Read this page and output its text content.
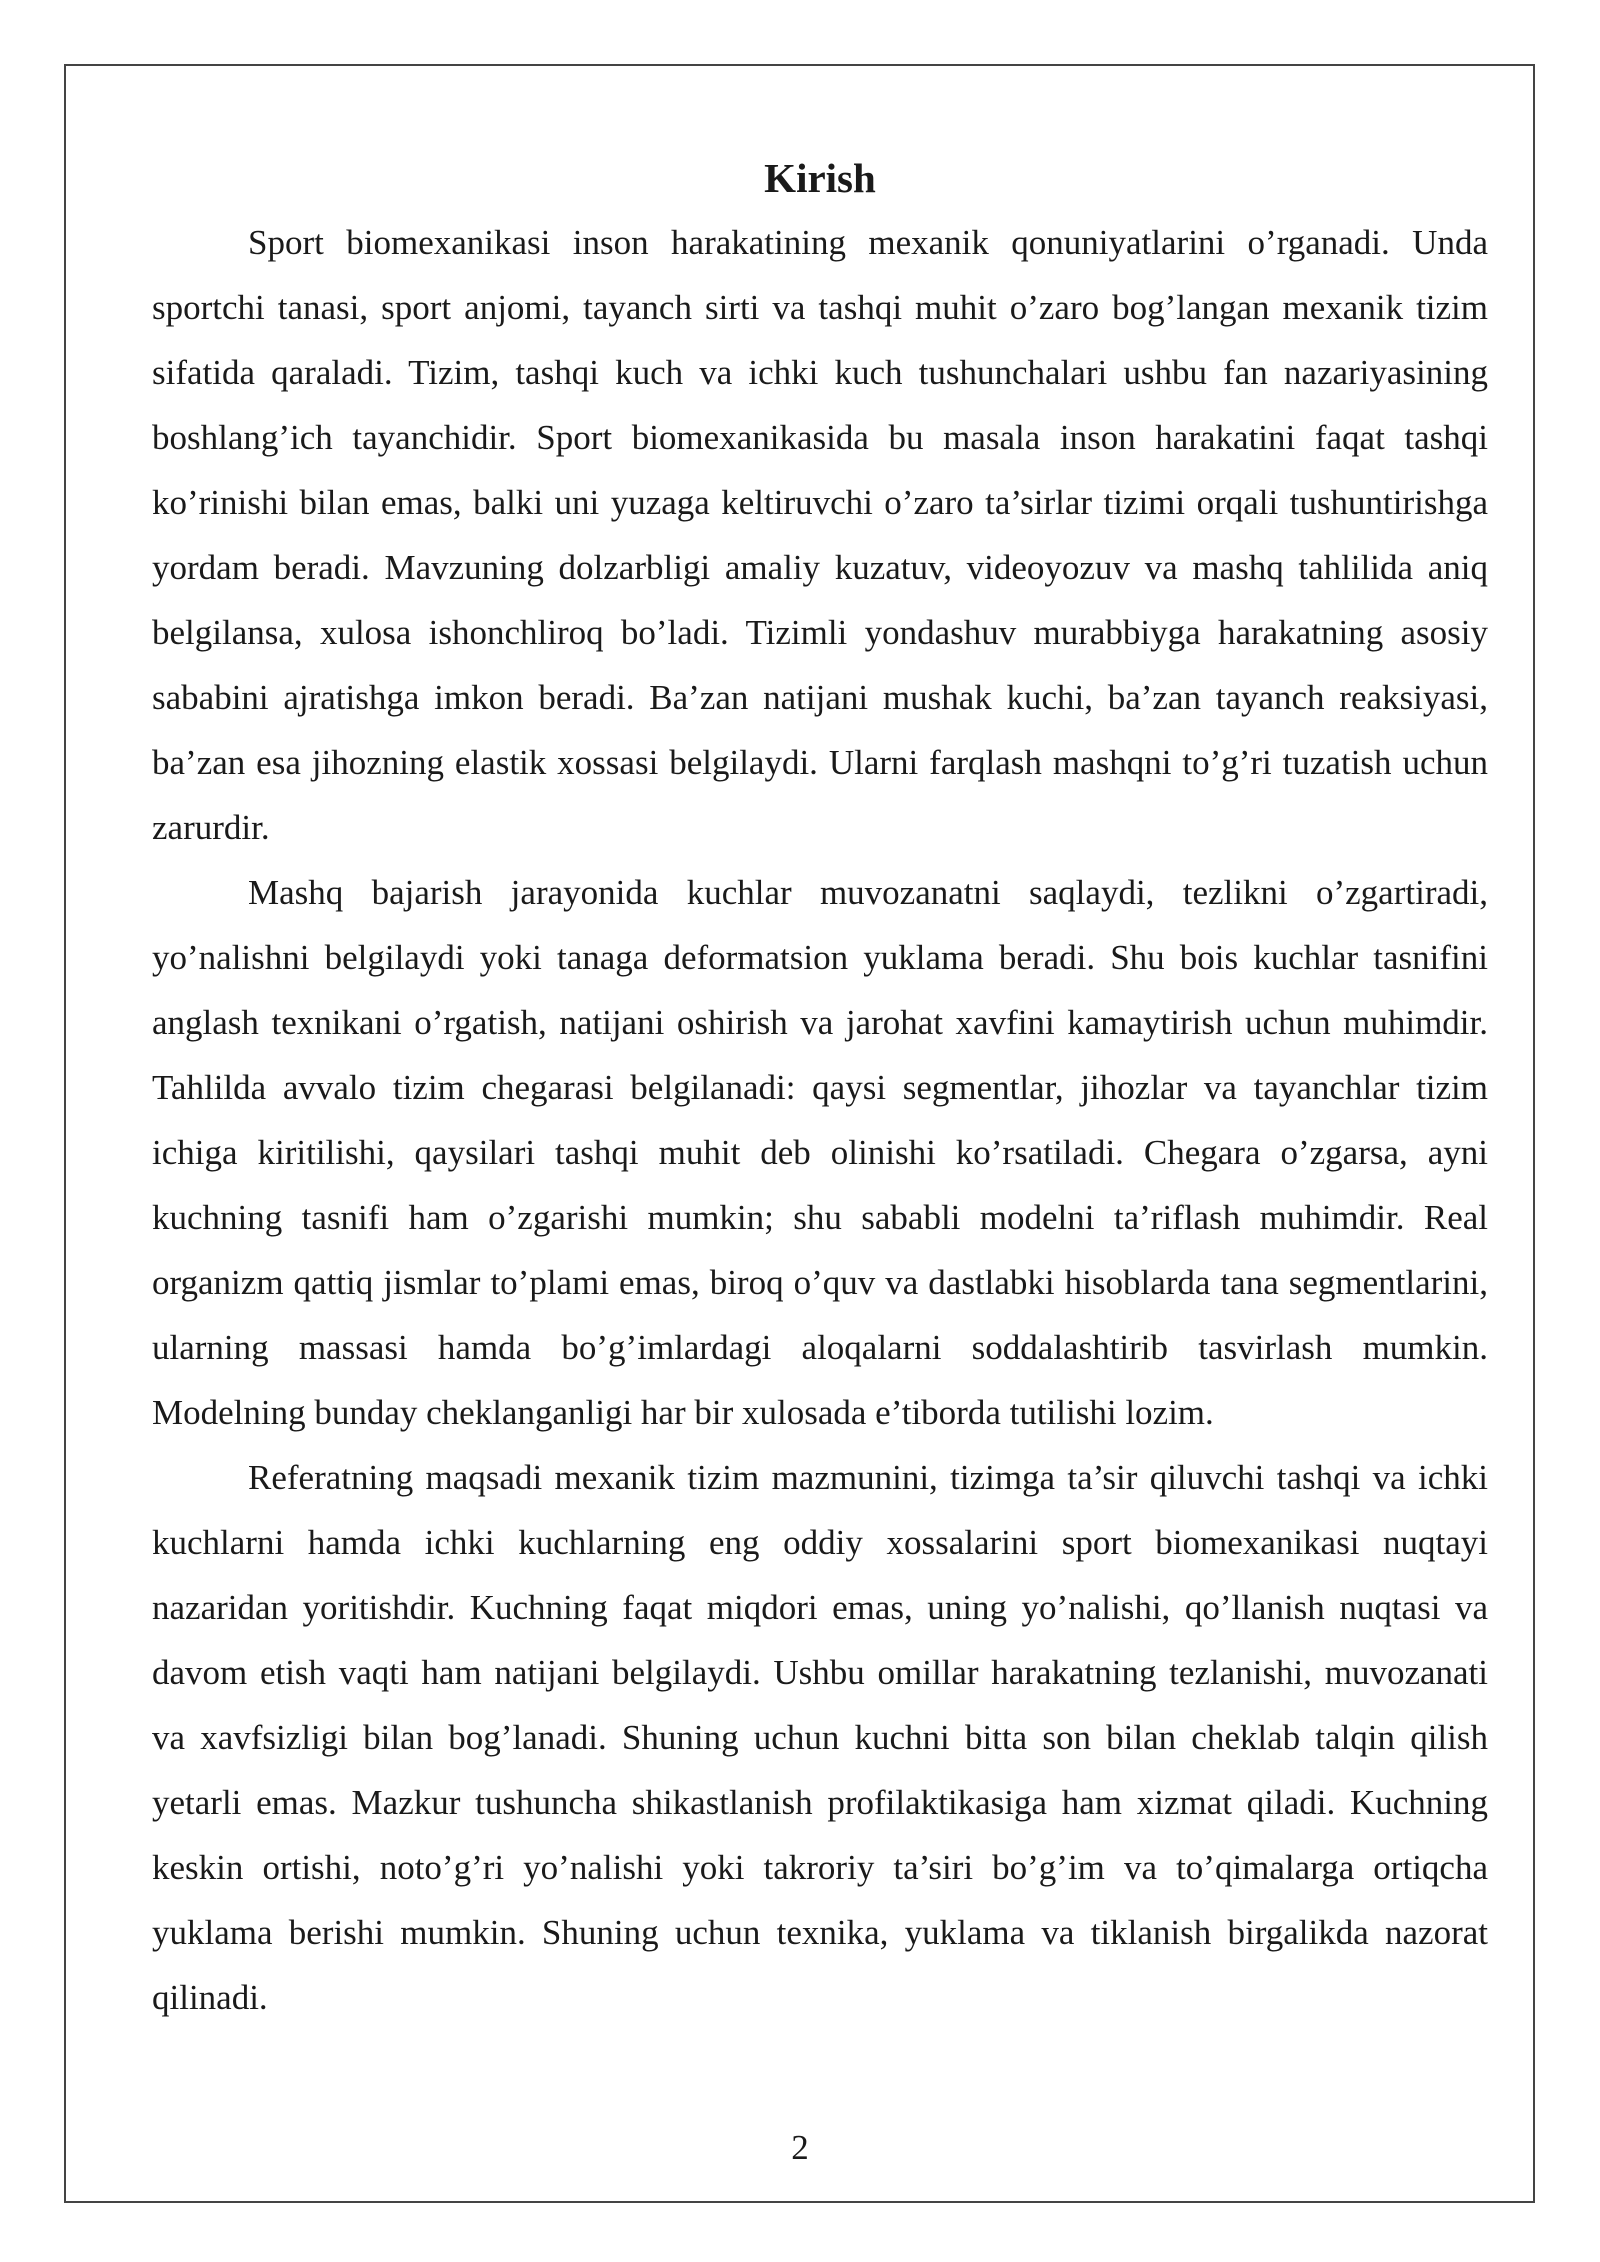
Kirish

Sport biomexanikasi inson harakatining mexanik qonuniyatlarini o’rganadi. Unda sportchi tanasi, sport anjomi, tayanch sirti va tashqi muhit o’zaro bog’langan mexanik tizim sifatida qaraladi. Tizim, tashqi kuch va ichki kuch tushunchalari ushbu fan nazariyasining boshlang’ich tayanchidir. Sport biomexanikasida bu masala inson harakatini faqat tashqi ko’rinishi bilan emas, balki uni yuzaga keltiruvchi o’zaro ta’sirlar tizimi orqali tushuntirishga yordam beradi. Mavzuning dolzarbligi amaliy kuzatuv, videoyozuv va mashq tahlilida aniq belgilansa, xulosa ishonchliroq bo’ladi. Tizimli yondashuv murabbiyga harakatning asosiy sababini ajratishga imkon beradi. Ba’zan natijani mushak kuchi, ba’zan tayanch reaksiyasi, ba’zan esa jihozning elastik xossasi belgilaydi. Ularni farqlash mashqni to’g’ri tuzatish uchun zarurdir.

Mashq bajarish jarayonida kuchlar muvozanatni saqlaydi, tezlikni o’zgartiradi, yo’nalishni belgilaydi yoki tanaga deformatsion yuklama beradi. Shu bois kuchlar tasnifini anglash texnikani o’rgatish, natijani oshirish va jarohat xavfini kamaytirish uchun muhimdir. Tahlilda avvalo tizim chegarasi belgilanadi: qaysi segmentlar, jihozlar va tayanchlar tizim ichiga kiritilishi, qaysilari tashqi muhit deb olinishi ko’rsatiladi. Chegara o’zgarsa, ayni kuchning tasnifi ham o’zgarishi mumkin; shu sababli modelni ta’riflash muhimdir. Real organizm qattiq jismlar to’plami emas, biroq o’quv va dastlabki hisoblarda tana segmentlarini, ularning massasi hamda bo’g’imlardagi aloqalarni soddalashtirib tasvirlash mumkin. Modelning bunday cheklanganligi har bir xulosada e’tiborda tutilishi lozim.

Referatning maqsadi mexanik tizim mazmunini, tizimga ta’sir qiluvchi tashqi va ichki kuchlarni hamda ichki kuchlarning eng oddiy xossalarini sport biomexanikasi nuqtayi nazaridan yoritishdir. Kuchning faqat miqdori emas, uning yo’nalishi, qo’llanish nuqtasi va davom etish vaqti ham natijani belgilaydi. Ushbu omillar harakatning tezlanishi, muvozanati va xavfsizligi bilan bog’lanadi. Shuning uchun kuchni bitta son bilan cheklab talqin qilish yetarli emas. Mazkur tushuncha shikastlanish profilaktikasiga ham xizmat qiladi. Kuchning keskin ortishi, noto’g’ri yo’nalishi yoki takroriy ta’siri bo’g’im va to’qimalarga ortiqcha yuklama berishi mumkin. Shuning uchun texnika, yuklama va tiklanish birgalikda nazorat qilinadi.

2
